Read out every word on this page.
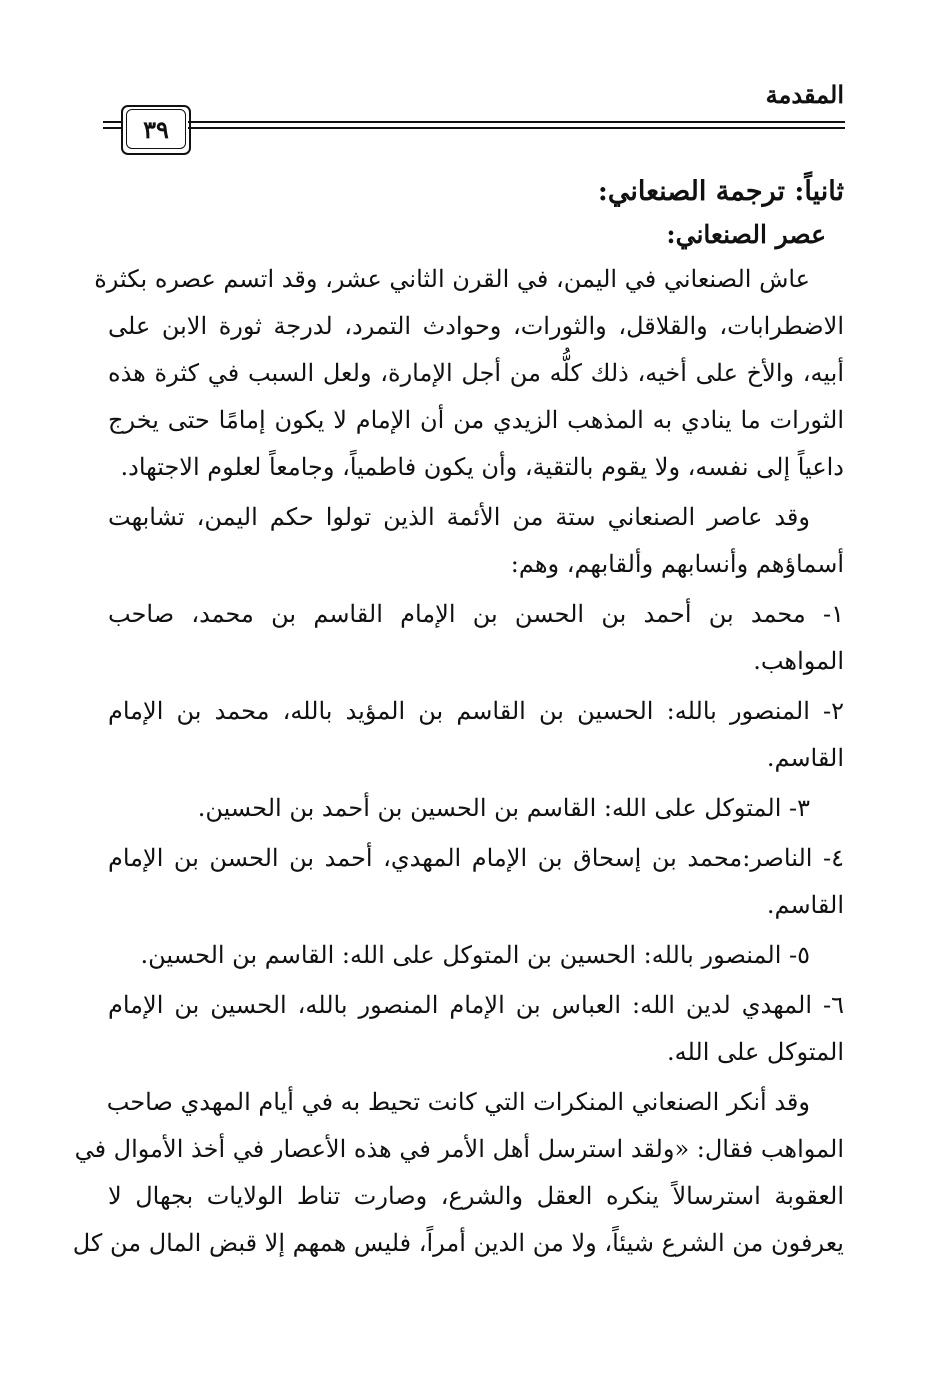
المقدمة
٣٩
ثانياً: ترجمة الصنعاني:
عصر الصنعاني:

عاش الصنعاني في اليمن، في القرن الثاني عشر، وقد اتسم عصره بكثرة

الاضطرابات، والقلاقل، والثورات، وحوادث التمرد، لدرجة ثورة الابن على

أبيه، والأخ على أخيه، ذلك كلُّه من أجل الإمارة، ولعل السبب في كثرة هذه

الثورات ما ينادي به المذهب الزيدي من أن الإمام لا يكون إمامًا حتى يخرج

داعياً إلى نفسه، ولا يقوم بالتقية، وأن يكون فاطمياً، وجامعاً لعلوم الاجتهاد.

وقد عاصر الصنعاني ستة من الأئمة الذين تولوا حكم اليمن، تشابهت

أسماؤهم وأنسابهم وألقابهم، وهم:

١- محمد بن أحمد بن الحسن بن الإمام القاسم بن محمد، صاحب

المواهب.

٢- المنصور بالله: الحسين بن القاسم بن المؤيد بالله، محمد بن الإمام

القاسم.

٣- المتوكل على الله: القاسم بن الحسين بن أحمد بن الحسين.

٤- الناصر:محمد بن إسحاق بن الإمام المهدي، أحمد بن الحسن بن الإمام

القاسم.

٥- المنصور بالله: الحسين بن المتوكل على الله: القاسم بن الحسين.

٦- المهدي لدين الله: العباس بن الإمام المنصور بالله، الحسين بن الإمام

المتوكل على الله.

وقد أنكر الصنعاني المنكرات التي كانت تحيط به في أيام المهدي صاحب

المواهب فقال: «ولقد استرسل أهل الأمر في هذه الأعصار في أخذ الأموال في

العقوبة استرسالاً ينكره العقل والشرع، وصارت تناط الولايات بجهال لا

يعرفون من الشرع شيئاً، ولا من الدين أمراً، فليس همهم إلا قبض المال من كل
